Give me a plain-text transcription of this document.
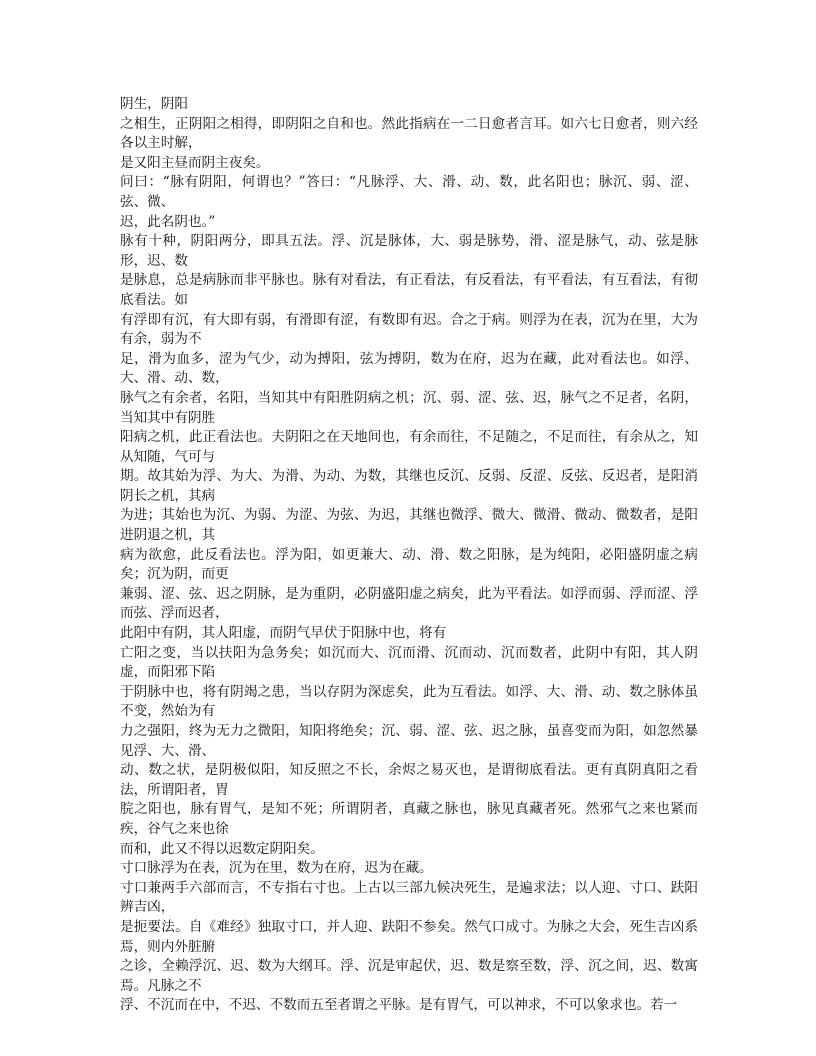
阴生，阴阳

之相生，正阴阳之相得，即阴阳之自和也。然此指病在一二日愈者言耳。如六七日愈者，则六经各以主时解，

是又阳主昼而阴主夜矣。

问曰：“脉有阴阳，何谓也？”答曰：“凡脉浮、大、滑、动、数，此名阳也；脉沉、弱、涩、弦、微、

迟，此名阴也。”

脉有十种，阴阳两分，即具五法。浮、沉是脉体，大、弱是脉势，滑、涩是脉气，动、弦是脉形，迟、数

是脉息，总是病脉而非平脉也。脉有对看法，有正看法，有反看法，有平看法，有互看法，有彻底看法。如

有浮即有沉，有大即有弱，有滑即有涩，有数即有迟。合之于病。则浮为在表，沉为在里，大为有余，弱为不

足，滑为血多，涩为气少，动为搏阳，弦为搏阴，数为在府，迟为在藏，此对看法也。如浮、大、滑、动、数，

脉气之有余者，名阳，当知其中有阳胜阴病之机；沉、弱、涩、弦、迟，脉气之不足者，名阴，当知其中有阴胜

阳病之机，此正看法也。夫阴阳之在天地间也，有余而往，不足随之，不足而往，有余从之，知从知随，气可与

期。故其始为浮、为大、为滑、为动、为数，其继也反沉、反弱、反涩、反弦、反迟者，是阳消阴长之机，其病

为进；其始也为沉、为弱、为涩、为弦、为迟，其继也微浮、微大、微滑、微动、微数者，是阳进阴退之机，其

病为欲愈，此反看法也。浮为阳，如更兼大、动、滑、数之阳脉，是为纯阳，必阳盛阴虚之病矣；沉为阴，而更

兼弱、涩、弦、迟之阴脉，是为重阴，必阴盛阳虚之病矣，此为平看法。如浮而弱、浮而涩、浮而弦、浮而迟者，

此阳中有阴，其人阳虚，而阴气早伏于阳脉中也，将有

亡阳之变，当以扶阳为急务矣；如沉而大、沉而滑、沉而动、沉而数者，此阴中有阳，其人阴虚，而阳邪下陷

于阴脉中也，将有阴竭之患，当以存阴为深虑矣，此为互看法。如浮、大、滑、动、数之脉体虽不变，然始为有

力之强阳，终为无力之微阳，知阳将绝矣；沉、弱、涩、弦、迟之脉，虽喜变而为阳，如忽然暴见浮、大、滑、

动、数之状，是阴极似阳，知反照之不长，余烬之易灭也，是谓彻底看法。更有真阴真阳之看法，所谓阳者，胃

脘之阳也，脉有胃气，是知不死；所谓阴者，真藏之脉也，脉见真藏者死。然邪气之来也紧而疾，谷气之来也徐

而和，此又不得以迟数定阴阳矣。

寸口脉浮为在表，沉为在里，数为在府，迟为在藏。

寸口兼两手六部而言，不专指右寸也。上古以三部九候决死生，是遍求法；以人迎、寸口、趺阳辨吉凶，

是扼要法。自《难经》独取寸口，并人迎、趺阳不参矣。然气口成寸。为脉之大会，死生吉凶系焉，则内外脏腑

之诊，全赖浮沉、迟、数为大纲耳。浮、沉是审起伏，迟、数是察至数，浮、沉之间，迟、数寓焉。凡脉之不

浮、不沉而在中，不迟、不数而五至者谓之平脉。是有胃气，可以神求，不可以象求也。若一
